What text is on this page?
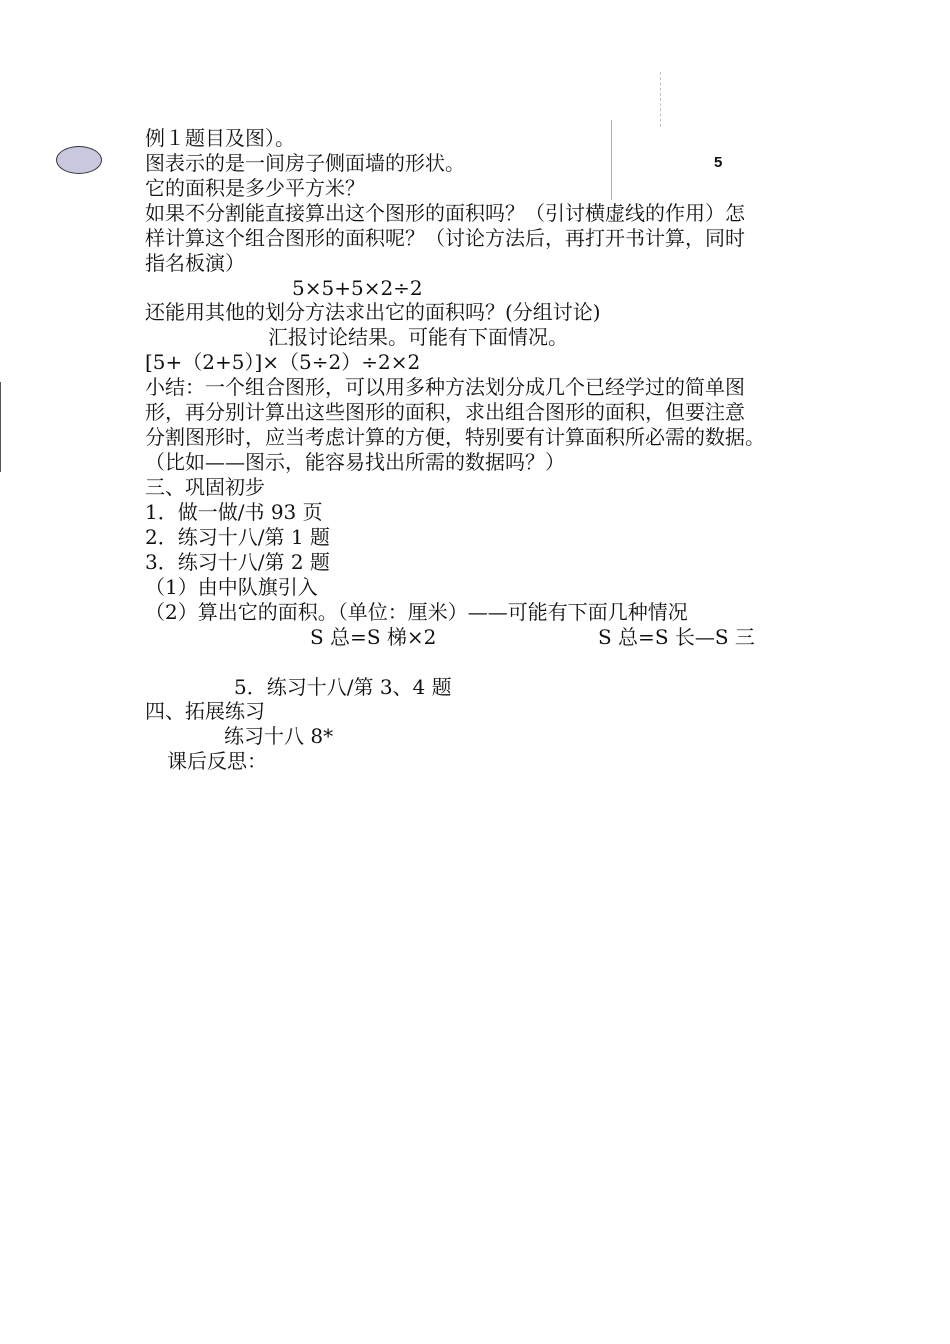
5
例１题目及图）。
图表示的是一间房子侧面墙的形状。
它的面积是多少平方米？
如果不分割能直接算出这个图形的面积吗？（引讨横虚线的作用）怎
样计算这个组合图形的面积呢？（讨论方法后，再打开书计算，同时
指名板演）
5×5+5×2÷2
还能用其他的划分方法求出它的面积吗？(分组讨论)
汇报讨论结果。可能有下面情况。
[5+（2+5）]×（5÷2）÷2×2
小结：一个组合图形，可以用多种方法划分成几个已经学过的简单图
形，再分别计算出这些图形的面积，求出组合图形的面积，但要注意
分割图形时，应当考虑计算的方便，特别要有计算面积所必需的数据。
（比如——图示，能容易找出所需的数据吗？）
三、巩固初步
1．做一做/书 93 页
2．练习十八/第 1 题
3．练习十八/第 2 题
（1）由中队旗引入
（2）算出它的面积。（单位：厘米）——可能有下面几种情况
S 总=S 梯×2	S 总=S 长—S 三
5．练习十八/第 3、4 题
四、拓展练习
练习十八 8*
课后反思：
